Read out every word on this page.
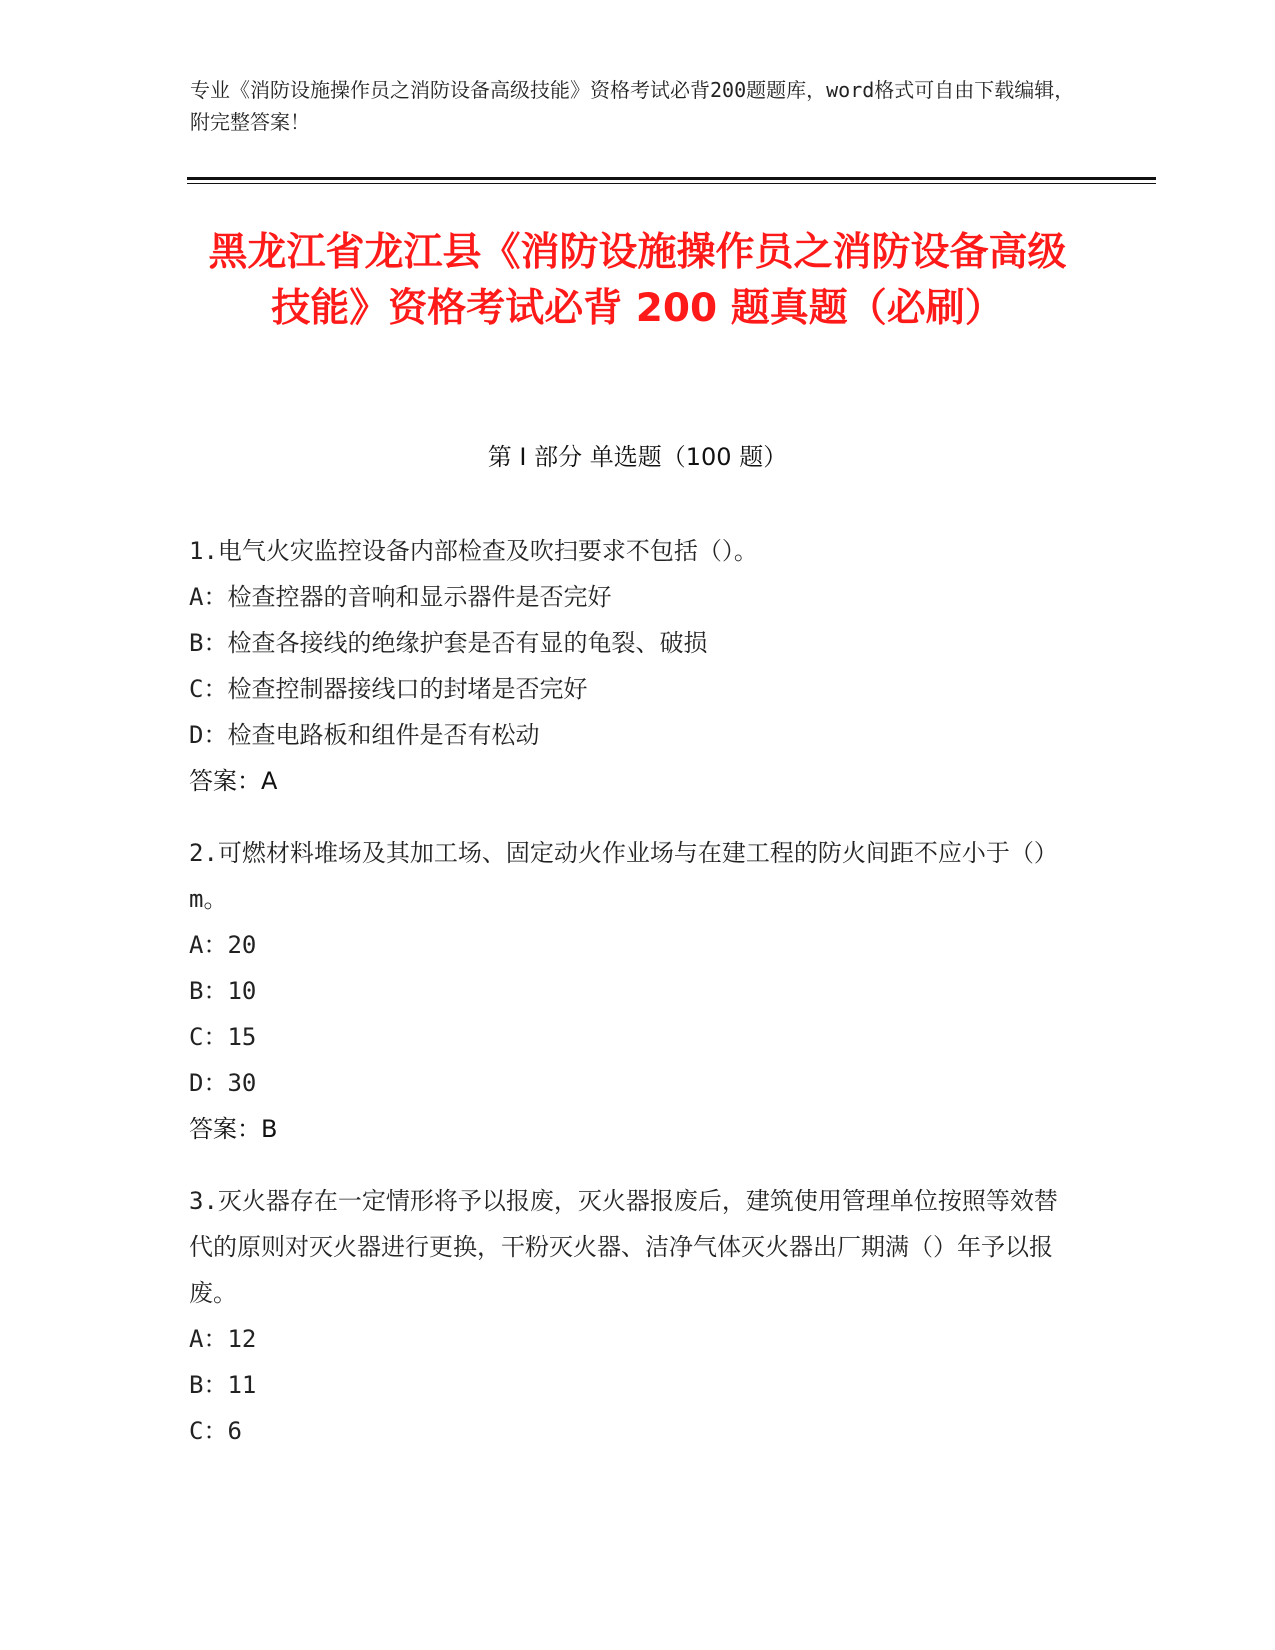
专业《消防设施操作员之消防设备高级技能》资格考试必背200题题库，word格式可自由下载编辑，附完整答案！
黑龙江省龙江县《消防设施操作员之消防设备高级技能》资格考试必背 200 题真题（必刷）
第 I 部分 单选题（100 题）

1.电气火灾监控设备内部检查及吹扫要求不包括（）。

A：检查控器的音响和显示器件是否完好

B：检查各接线的绝缘护套是否有显的龟裂、破损

C：检查控制器接线口的封堵是否完好

D：检查电路板和组件是否有松动

答案：A

2.可燃材料堆场及其加工场、固定动火作业场与在建工程的防火间距不应小于（）m。

A：20

B：10

C：15

D：30

答案：B

3.灭火器存在一定情形将予以报废，灭火器报废后，建筑使用管理单位按照等效替代的原则对灭火器进行更换，干粉灭火器、洁净气体灭火器出厂期满（）年予以报废。

A：12

B：11

C：6
